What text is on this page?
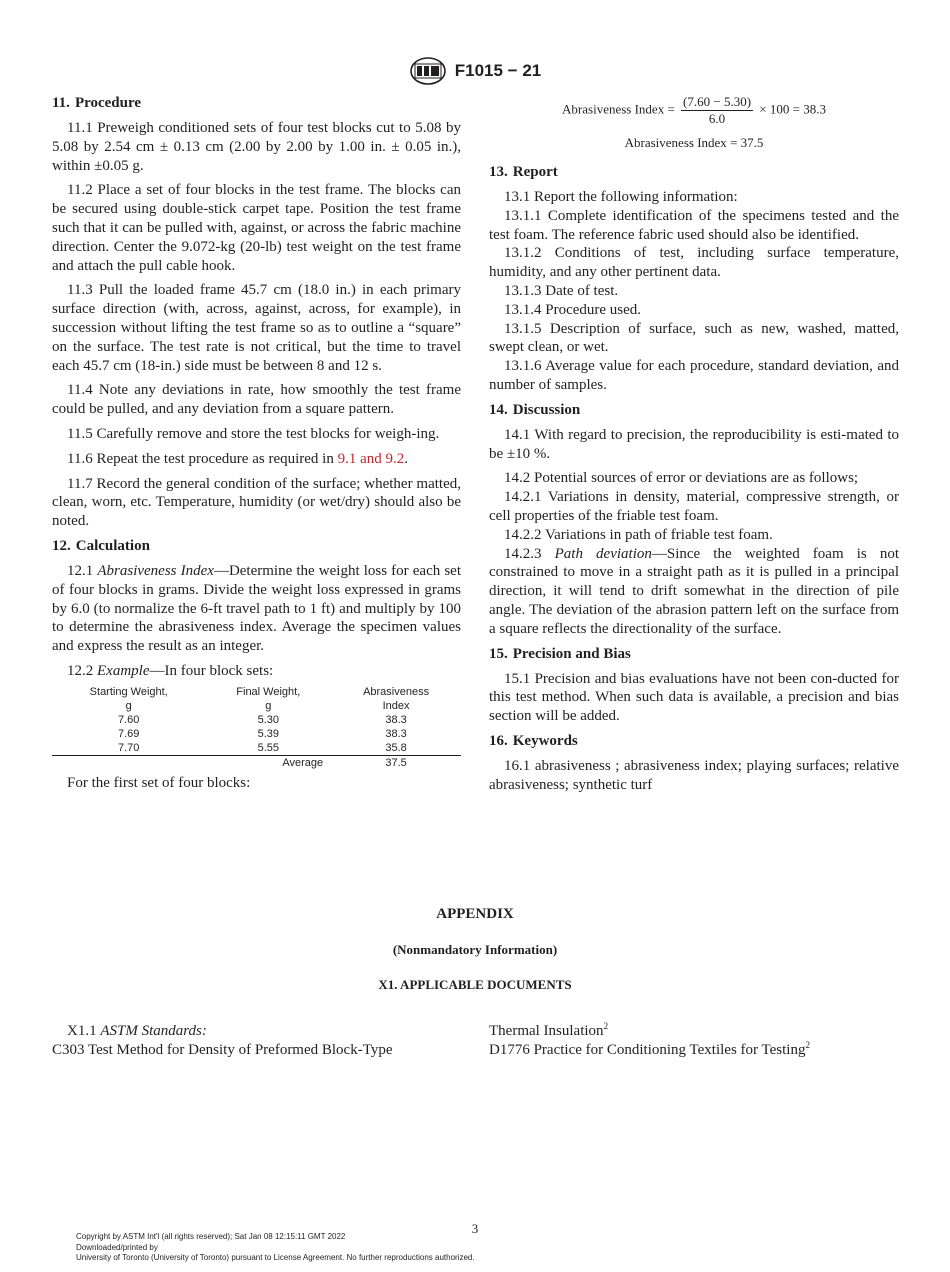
F1015 − 21
11. Procedure

11.1 Preweigh conditioned sets of four test blocks cut to 5.08 by 5.08 by 2.54 cm ± 0.13 cm (2.00 by 2.00 by 1.00 in. ± 0.05 in.), within ±0.05 g.

11.2 Place a set of four blocks in the test frame. The blocks can be secured using double-stick carpet tape. Position the test frame such that it can be pulled with, against, or across the fabric machine direction. Center the 9.072-kg (20-lb) test weight on the test frame and attach the pull cable hook.

11.3 Pull the loaded frame 45.7 cm (18.0 in.) in each primary surface direction (with, across, against, across, for example), in succession without lifting the test frame so as to outline a “square” on the surface. The test rate is not critical, but the time to travel each 45.7 cm (18-in.) side must be between 8 and 12 s.

11.4 Note any deviations in rate, how smoothly the test frame could be pulled, and any deviation from a square pattern.

11.5 Carefully remove and store the test blocks for weigh-ing.

11.6 Repeat the test procedure as required in 9.1 and 9.2.

11.7 Record the general condition of the surface; whether matted, clean, worn, etc. Temperature, humidity (or wet/dry) should also be noted.

12. Calculation

12.1 Abrasiveness Index—Determine the weight loss for each set of four blocks in grams. Divide the weight loss expressed in grams by 6.0 (to normalize the 6-ft travel path to 1 ft) and multiply by 100 to determine the abrasiveness index. Average the specimen values and express the result as an integer.

12.2 Example—In four block sets:

Starting Weight,	Final Weight,	Abrasiveness
g	g	Index
7.60	5.30	38.3
7.69	5.39	38.3
7.70	5.55	35.8
	Average	37.5

For the first set of four blocks:

Abrasiveness Index = $\frac{(7.60 - 5.30)}{6.0} \times 100 = 38.3$
Abrasiveness Index = 37.5
13. Report

13.1 Report the following information:

13.1.1 Complete identification of the specimens tested and the test foam. The reference fabric used should also be identified.

13.1.2 Conditions of test, including surface temperature, humidity, and any other pertinent data.

13.1.3 Date of test.

13.1.4 Procedure used.

13.1.5 Description of surface, such as new, washed, matted, swept clean, or wet.

13.1.6 Average value for each procedure, standard deviation, and number of samples.

14. Discussion

14.1 With regard to precision, the reproducibility is esti-mated to be ±10 %.

14.2 Potential sources of error or deviations are as follows;

14.2.1 Variations in density, material, compressive strength, or cell properties of the friable test foam.

14.2.2 Variations in path of friable test foam.

14.2.3 Path deviation—Since the weighted foam is not constrained to move in a straight path as it is pulled in a principal direction, it will tend to drift somewhat in the direction of pile angle. The deviation of the abrasion pattern left on the surface from a square reflects the directionality of the surface.

15. Precision and Bias

15.1 Precision and bias evaluations have not been con-ducted for this test method. When such data is available, a precision and bias section will be added.

16. Keywords

16.1 abrasiveness ; abrasiveness index; playing surfaces; relative abrasiveness; synthetic turf

APPENDIX
(Nonmandatory Information)
X1. APPLICABLE DOCUMENTS

X1.1 ASTM Standards:

C303 Test Method for Density of Preformed Block-Type

Thermal Insulation$^2$

D1776 Practice for Conditioning Textiles for Testing$^2$

3
Copyright by ASTM Int'l (all rights reserved); Sat Jan 08 12:15:11 GMT 2022
Downloaded/printed by
University of Toronto (University of Toronto) pursuant to License Agreement. No further reproductions authorized.
